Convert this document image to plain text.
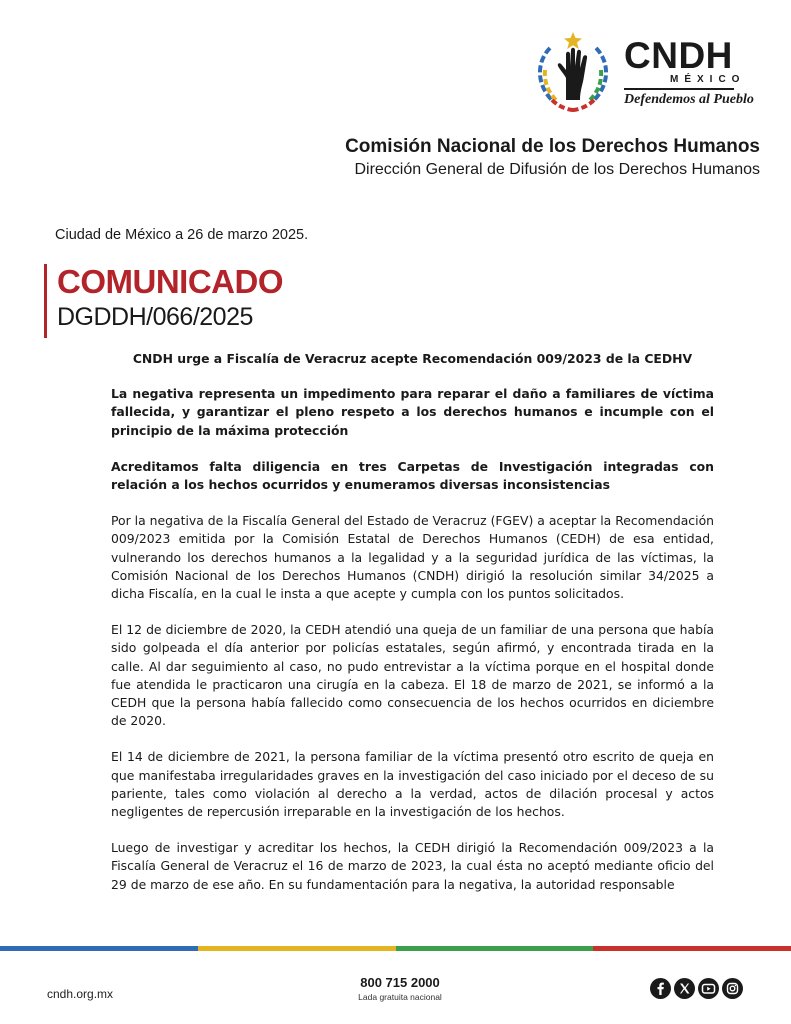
CNDH
MÉXICO
Defendemos al Pueblo
Comisión Nacional de los Derechos Humanos
Dirección General de Difusión de los Derechos Humanos
Ciudad de México a 26 de marzo 2025.
COMUNICADO
DGDDH/066/2025

CNDH urge a Fiscalía de Veracruz acepte Recomendación 009/2023 de la CEDHV

La negativa representa un impedimento para reparar el daño a familiares de víctima fallecida, y garantizar el pleno respeto a los derechos humanos e incumple con el principio de la máxima protección

Acreditamos falta diligencia en tres Carpetas de Investigación integradas con relación a los hechos ocurridos y enumeramos diversas inconsistencias

Por la negativa de la Fiscalía General del Estado de Veracruz (FGEV) a aceptar la Recomendación 009/2023 emitida por la Comisión Estatal de Derechos Humanos (CEDH) de esa entidad, vulnerando los derechos humanos a la legalidad y a la seguridad jurídica de las víctimas, la Comisión Nacional de los Derechos Humanos (CNDH) dirigió la resolución similar 34/2025 a dicha Fiscalía, en la cual le insta a que acepte y cumpla con los puntos solicitados.

El 12 de diciembre de 2020, la CEDH atendió una queja de un familiar de una persona que había sido golpeada el día anterior por policías estatales, según afirmó, y encontrada tirada en la calle. Al dar seguimiento al caso, no pudo entrevistar a la víctima porque en el hospital donde fue atendida le practicaron una cirugía en la cabeza. El 18 de marzo de 2021, se informó a la CEDH que la persona había fallecido como consecuencia de los hechos ocurridos en diciembre de 2020.

El 14 de diciembre de 2021, la persona familiar de la víctima presentó otro escrito de queja en que manifestaba irregularidades graves en la investigación del caso iniciado por el deceso de su pariente, tales como violación al derecho a la verdad, actos de dilación procesal y actos negligentes de repercusión irreparable en la investigación de los hechos.

Luego de investigar y acreditar los hechos, la CEDH dirigió la Recomendación 009/2023 a la Fiscalía General de Veracruz el 16 de marzo de 2023, la cual ésta no aceptó mediante oficio del 29 de marzo de ese año. En su fundamentación para la negativa, la autoridad responsable

cndh.org.mx
800 715 2000
Lada gratuita nacional
